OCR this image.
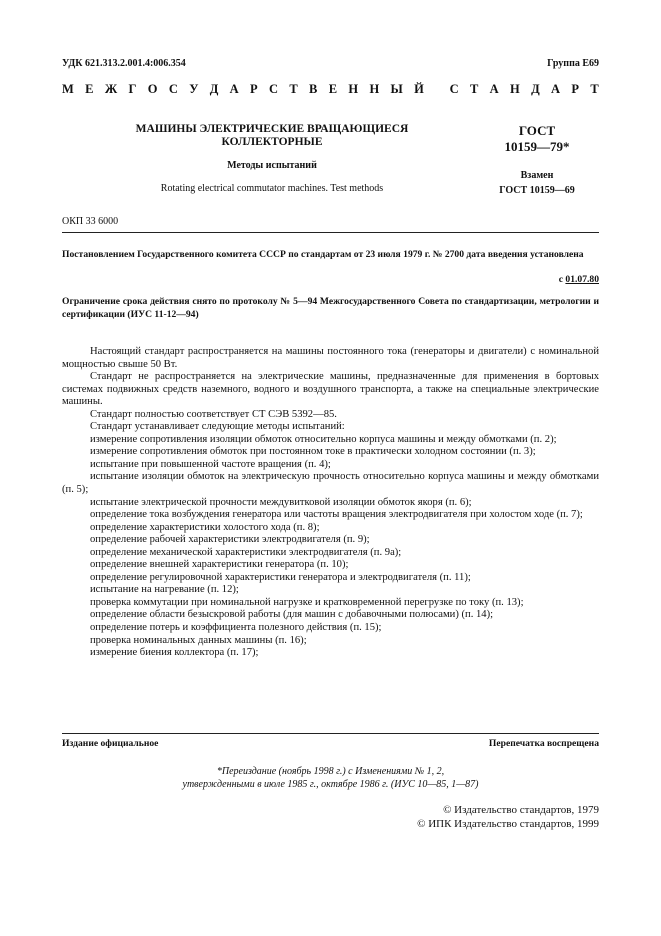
УДК 621.313.2.001.4:006.354	Группа Е69
М Е Ж Г О С У Д А Р С Т В Е Н Н Ы Й
С Т А Н Д А Р Т
МАШИНЫ ЭЛЕКТРИЧЕСКИЕ ВРАЩАЮЩИЕСЯ
КОЛЛЕКТОРНЫЕ
Методы испытаний
Rotating electrical commutator machines. Test methods
ГОСТ
10159—79*
Взамен
ГОСТ 10159—69
ОКП 33 6000
Постановлением Государственного комитета СССР по стандартам от 23 июля 1979 г. № 2700 дата введения установлена
с 01.07.80
Ограничение срока действия снято по протоколу № 5—94 Межгосударственного Совета по стандартизации, метрологии и сертификации (ИУС 11-12—94)

Настоящий стандарт распространяется на машины постоянного тока (генераторы и двигатели) с номинальной мощностью свыше 50 Вт.

Стандарт не распространяется на электрические машины, предназначенные для применения в бортовых системах подвижных средств наземного, водного и воздушного транспорта, а также на специальные электрические машины.

Стандарт полностью соответствует СТ СЭВ 5392—85.

Стандарт устанавливает следующие методы испытаний:

измерение сопротивления изоляции обмоток относительно корпуса машины и между обмотками (п. 2);

измерение сопротивления обмоток при постоянном токе в практически холодном состоянии (п. 3);

испытание при повышенной частоте вращения (п. 4);

испытание изоляции обмоток на электрическую прочность относительно корпуса машины и между обмотками (п. 5);

испытание электрической прочности междувитковой изоляции обмоток якоря (п. 6);

определение тока возбуждения генератора или частоты вращения электродвигателя при холостом ходе (п. 7);

определение характеристики холостого хода (п. 8);

определение рабочей характеристики электродвигателя (п. 9);

определение механической характеристики электродвигателя (п. 9а);

определение внешней характеристики генератора (п. 10);

определение регулировочной характеристики генератора и электродвигателя (п. 11);

испытание на нагревание (п. 12);

проверка коммутации при номинальной нагрузке и кратковременной перегрузке по току (п. 13);

определение области безыскровой работы (для машин с добавочными полюсами) (п. 14);

определение потерь и коэффициента полезного действия (п. 15);

проверка номинальных данных машины (п. 16);

измерение биения коллектора (п. 17);

Издание официальное	Перепечатка воспрещена
*Переиздание (ноябрь 1998 г.) с Изменениями № 1, 2,
утвержденными в июле 1985 г., октябре 1986 г. (ИУС 10—85, 1—87)
© Издательство стандартов, 1979
© ИПК Издательство стандартов, 1999
